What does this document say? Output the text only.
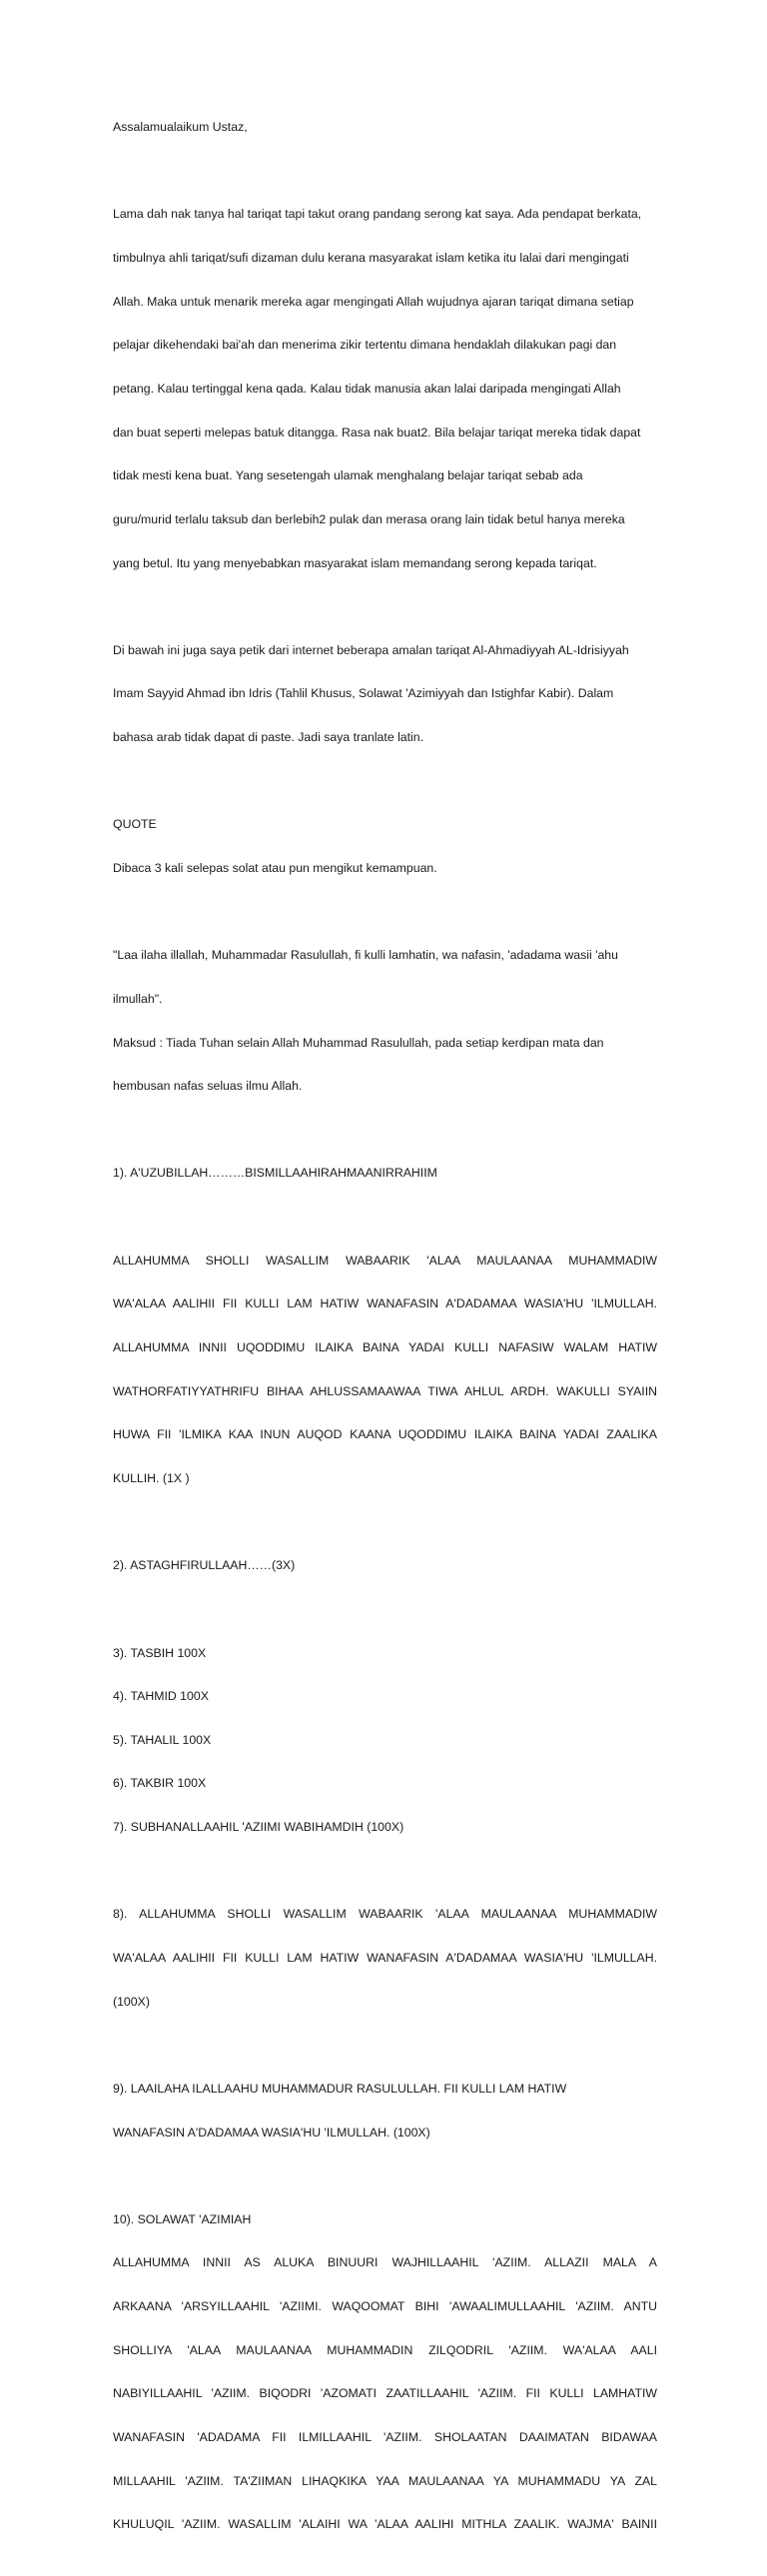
Assalamualaikum Ustaz,

Lama dah nak tanya hal tariqat tapi takut orang pandang serong kat saya. Ada pendapat berkata,

timbulnya ahli tariqat/sufi dizaman dulu kerana masyarakat islam ketika itu lalai dari mengingati

Allah. Maka untuk menarik mereka agar mengingati Allah wujudnya ajaran tariqat dimana setiap

pelajar dikehendaki bai'ah dan menerima zikir tertentu dimana hendaklah dilakukan pagi dan

petang. Kalau tertinggal kena qada. Kalau tidak manusia akan lalai daripada mengingati Allah

dan buat seperti melepas batuk ditangga. Rasa nak buat2. Bila belajar tariqat mereka tidak dapat

tidak mesti kena buat. Yang sesetengah ulamak menghalang belajar tariqat sebab ada

guru/murid terlalu taksub dan berlebih2 pulak dan merasa orang lain tidak betul hanya mereka

yang betul. Itu yang menyebabkan masyarakat islam memandang serong kepada tariqat.

Di bawah ini juga saya petik dari internet beberapa amalan tariqat Al-Ahmadiyyah AL-Idrisiyyah

Imam Sayyid Ahmad ibn Idris (Tahlil Khusus, Solawat 'Azimiyyah dan Istighfar Kabir). Dalam

bahasa arab tidak dapat di paste. Jadi saya tranlate latin.

QUOTE

Dibaca 3 kali selepas solat atau pun mengikut kemampuan.

"Laa ilaha illallah, Muhammadar Rasulullah, fi kulli lamhatin, wa nafasin, 'adadama wasii 'ahu

ilmullah".

Maksud : Tiada Tuhan selain Allah Muhammad Rasulullah, pada setiap kerdipan mata dan

hembusan nafas seluas ilmu Allah.

1). A'UZUBILLAH………BISMILLAAHIRAHMAANIRRAHIIM

ALLAHUMMA SHOLLI WASALLIM WABAARIK 'ALAA MAULAANAA MUHAMMADIW

WA'ALAA AALIHII FII KULLI LAM HATIW WANAFASIN A'DADAMAA WASIA'HU 'ILMULLAH.

ALLAHUMMA INNII UQODDIMU ILAIKA BAINA YADAI KULLI NAFASIW WALAM HATIW

WATHORFATIYYATHRIFU BIHAA AHLUSSAMAAWAA TIWA AHLUL ARDH. WAKULLI SYAIIN

HUWA FII 'ILMIKA KAA INUN AUQOD KAANA UQODDIMU ILAIKA BAINA YADAI ZAALIKA

KULLIH. (1X )

2). ASTAGHFIRULLAAH……(3X)

3). TASBIH 100X

4). TAHMID 100X

5). TAHALIL 100X

6). TAKBIR 100X

7). SUBHANALLAAHIL 'AZIIMI WABIHAMDIH (100X)

8). ALLAHUMMA SHOLLI WASALLIM WABAARIK 'ALAA MAULAANAA MUHAMMADIW

WA'ALAA AALIHII FII KULLI LAM HATIW WANAFASIN A'DADAMAA WASIA'HU 'ILMULLAH.

(100X)

9). LAAILAHA ILALLAAHU MUHAMMADUR RASULULLAH. FII KULLI LAM HATIW

WANAFASIN A'DADAMAA WASIA'HU 'ILMULLAH. (100X)

10). SOLAWAT 'AZIMIAH

ALLAHUMMA INNII AS ALUKA BINUURI WAJHILLAAHIL 'AZIIM. ALLAZII MALA A

ARKAANA 'ARSYILLAAHIL 'AZIIMI. WAQOOMAT BIHI 'AWAALIMULLAAHIL 'AZIIM. ANTU

SHOLLIYA 'ALAA MAULAANAA MUHAMMADIN ZILQODRIL 'AZIIM. WA'ALAA AALI

NABIYILLAAHIL 'AZIIM. BIQODRI 'AZOMATI ZAATILLAAHIL 'AZIIM. FII KULLI LAMHATIW

WANAFASIN 'ADADAMA FII ILMILLAAHIL 'AZIIM. SHOLAATAN DAAIMATAN BIDAWAA

MILLAAHIL 'AZIIM. TA'ZIIMAN LIHAQKIKA YAA MAULAANAA YA MUHAMMADU YA ZAL

KHULUQIL 'AZIIM. WASALLIM 'ALAIHI WA 'ALAA AALIHI MITHLA ZAALIK. WAJMA' BAINII
